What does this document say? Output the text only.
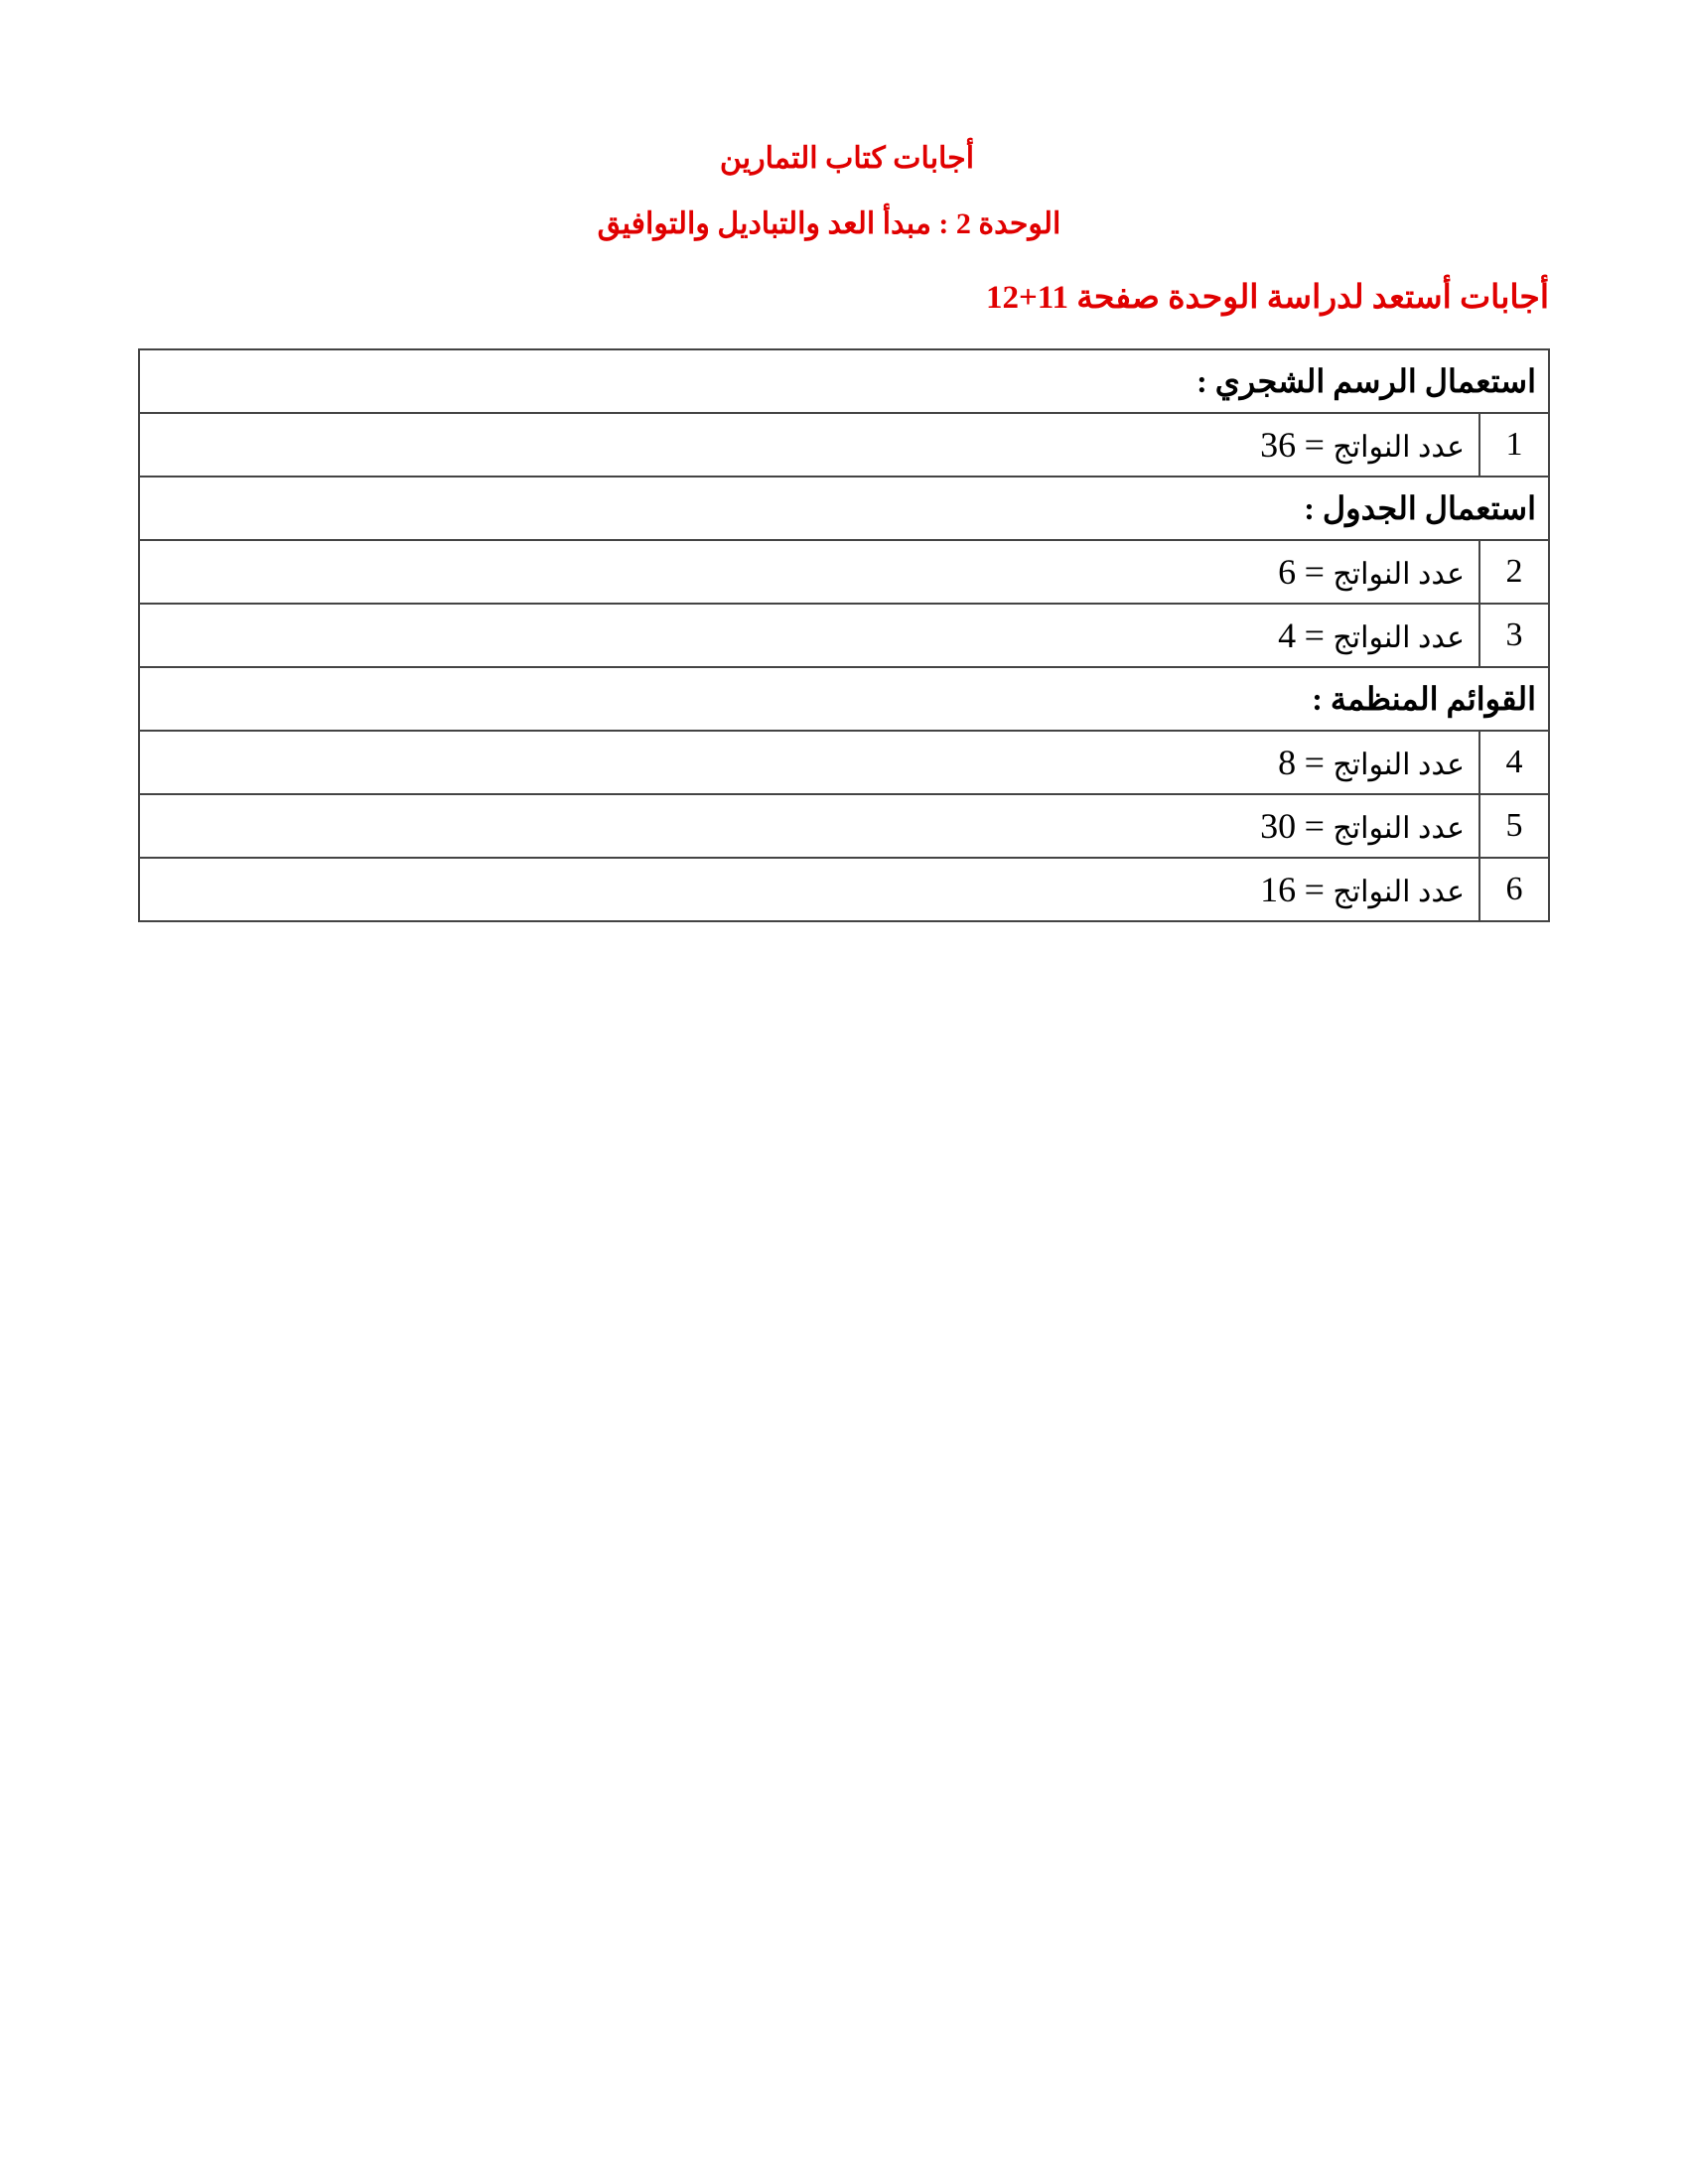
أجابات كتاب التمارين
الوحدة 2 : مبدأ العد والتباديل والتوافيق
أجابات أستعد لدراسة الوحدة صفحة 11+12
استعمال الرسم الشجري :	
1	عدد النواتج = 36
استعمال الجدول :	
2	عدد النواتج = 6
3	عدد النواتج = 4
القوائم المنظمة :	
4	عدد النواتج = 8
5	عدد النواتج = 30
6	عدد النواتج = 16
